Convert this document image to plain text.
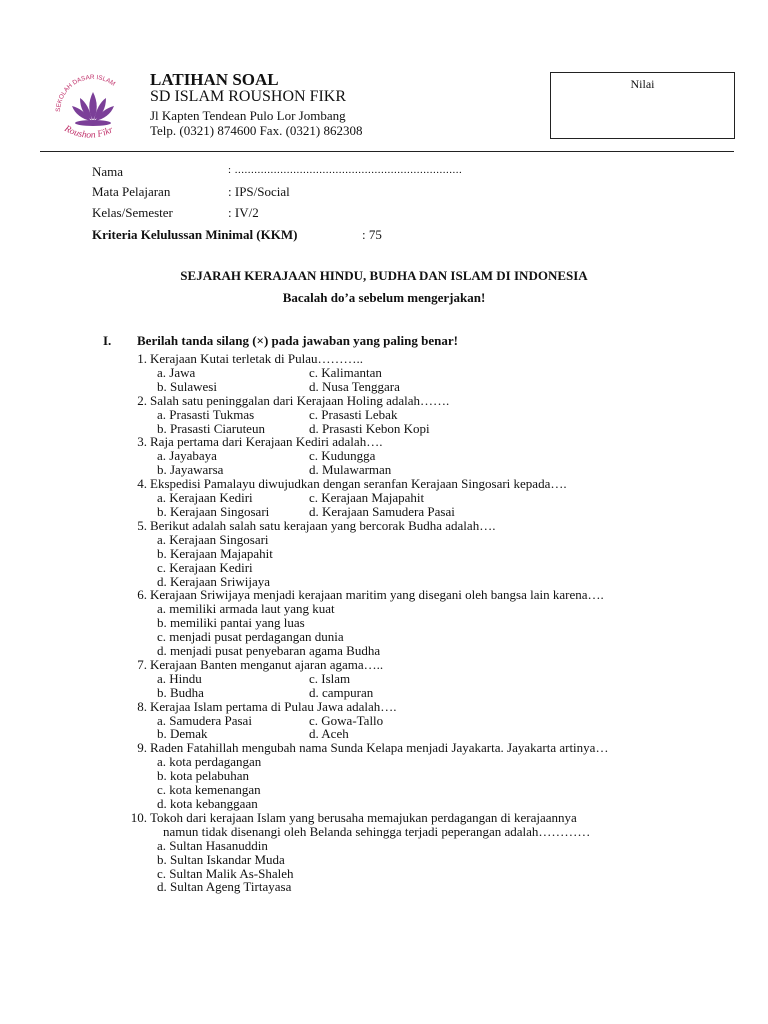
SEKOLAH DASAR ISLAM
Roushon Fikr
LATIHAN SOAL
SD ISLAM ROUSHON FIKR
Jl Kapten Tendean Pulo Lor Jombang
Telp. (0321) 874600 Fax. (0321) 862308
Nilai
Nama	: ......................................................................
Mata Pelajaran	: IPS/Social
Kelas/Semester	: IV/2
Kriteria Kelulussan Minimal (KKM)	: 75
SEJARAH KERAJAAN HINDU, BUDHA DAN ISLAM DI INDONESIA
Bacalah do’a sebelum mengerjakan!
I. Berilah tanda silang (×) pada jawaban yang paling benar!
1. Kerajaan Kutai terletak di Pulau………..
a. Jawa	c. Kalimantan
b. Sulawesi	d. Nusa Tenggara
2. Salah satu peninggalan dari Kerajaan Holing adalah…….
a. Prasasti Tukmas	c. Prasasti Lebak
b. Prasasti Ciaruteun	d. Prasasti Kebon Kopi
3. Raja pertama dari Kerajaan Kediri adalah….
a. Jayabaya	c. Kudungga
b. Jayawarsa	d. Mulawarman
4. Ekspedisi Pamalayu diwujudkan dengan seranfan Kerajaan Singosari kepada….
a. Kerajaan Kediri	c. Kerajaan Majapahit
b. Kerajaan Singosari	d. Kerajaan Samudera Pasai
5. Berikut adalah salah satu kerajaan yang bercorak Budha adalah….
a. Kerajaan Singosari
b. Kerajaan Majapahit
c. Kerajaan Kediri
d. Kerajaan Sriwijaya
6. Kerajaan Sriwijaya menjadi kerajaan maritim yang disegani oleh bangsa lain karena….
a. memiliki armada laut yang kuat
b. memiliki pantai yang luas
c. menjadi pusat perdagangan dunia
d. menjadi pusat penyebaran agama Budha
7. Kerajaan Banten menganut ajaran agama…..
a. Hindu	c. Islam
b. Budha	d. campuran
8. Kerajaa Islam pertama di Pulau Jawa adalah….
a. Samudera Pasai	c. Gowa-Tallo
b. Demak	d. Aceh
9. Raden Fatahillah mengubah nama Sunda Kelapa menjadi Jayakarta. Jayakarta artinya…
a. kota perdagangan
b. kota pelabuhan
c. kota kemenangan
d. kota kebanggaan
10. Tokoh dari kerajaan Islam yang berusaha memajukan perdagangan di kerajaannya
namun tidak disenangi oleh Belanda sehingga terjadi peperangan adalah…………
a. Sultan Hasanuddin
b. Sultan Iskandar Muda
c. Sultan Malik As-Shaleh
d. Sultan Ageng Tirtayasa
